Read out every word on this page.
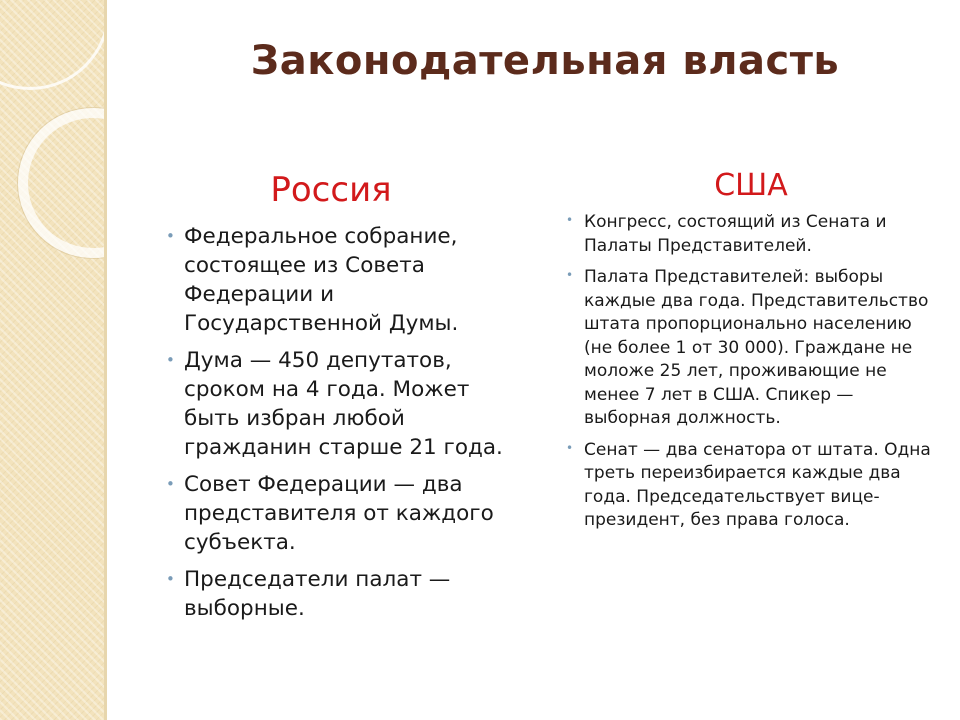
Законодательная власть
Россия
• Федеральное собрание, состоящее из Совета Федерации и Государственной Думы.
• Дума — 450 депутатов, сроком на 4 года. Может быть избран любой гражданин старше 21 года.
• Совет Федерации — два представителя от каждого субъекта.
• Председатели палат — выборные.
США
• Конгресс, состоящий из Сената и Палаты Представителей.
• Палата Представителей: выборы каждые два года. Представительство штата пропорционально населению (не более 1 от 30 000). Граждане не моложе 25 лет, проживающие не менее 7 лет в США. Спикер — выборная должность.
• Сенат — два сенатора от штата. Одна треть переизбирается каждые два года. Председательствует вице-президент, без права голоса.
